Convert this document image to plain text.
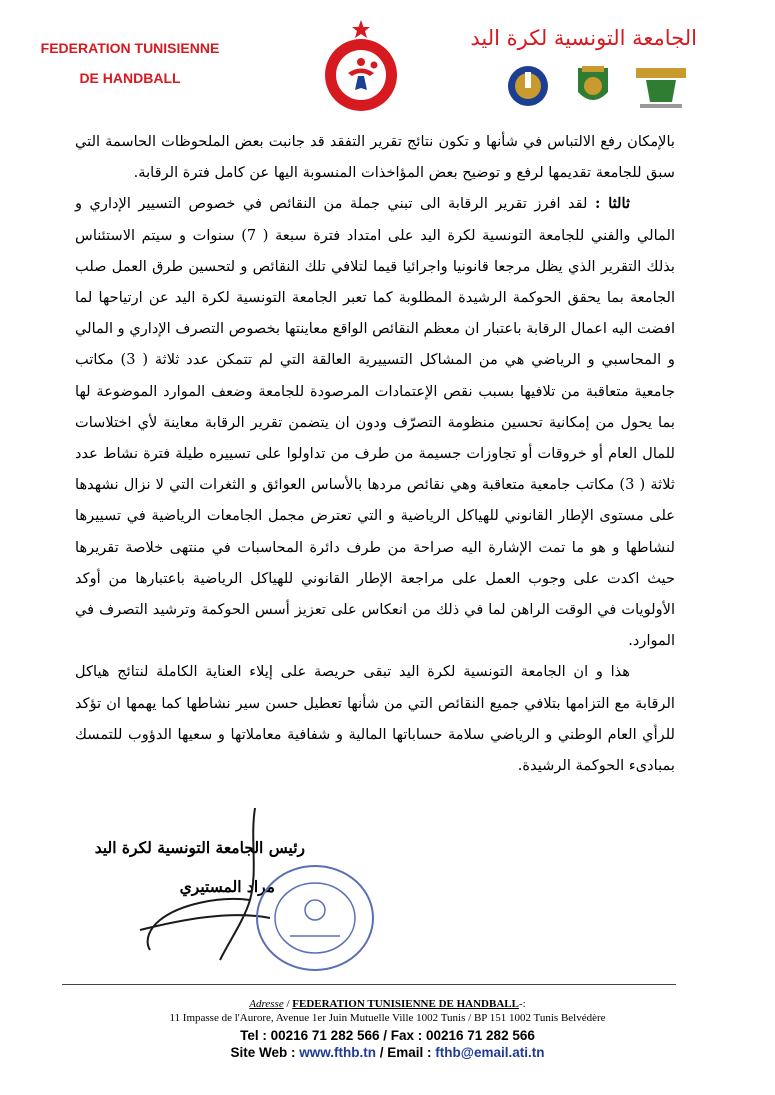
FEDERATION TUNISIENNE
DE HANDBALL
الجامعة التونسية لكرة اليد

بالإمكان رفع الالتباس في شأنها و تكون نتائج تقرير التفقد قد جانبت بعض الملحوظات الحاسمة التي سبق للجامعة تقديمها لرفع و توضيح بعض المؤاخذات المنسوبة اليها عن كامل فترة الرقابة.

ثالثا : لقد افرز تقرير الرقابة الى تبني جملة من النقائص في خصوص التسيير الإداري و المالي والفني للجامعة التونسية لكرة اليد على امتداد فترة سبعة ( 7) سنوات و سيتم الاستئناس بذلك التقرير الذي يظل مرجعا قانونيا واجرائيا قيما لتلافي تلك النقائص و لتحسين طرق العمل صلب الجامعة بما يحقق الحوكمة الرشيدة المطلوبة كما تعبر الجامعة التونسية لكرة اليد عن ارتياحها لما افضت اليه اعمال الرقابة باعتبار ان معظم النقائص الواقع معاينتها بخصوص التصرف الإداري و المالي و المحاسبي و الرياضي هي من المشاكل التسييرية العالقة التي لم تتمكن عدد ثلاثة ( 3) مكاتب جامعية متعاقبة من تلافيها بسبب نقص الإعتمادات المرصودة للجامعة وضعف الموارد الموضوعة لها بما يحول من إمكانية تحسين منظومة التصرّف ودون ان يتضمن تقرير الرقابة معاينة لأي اختلاسات للمال العام أو خروقات أو تجاوزات جسيمة من طرف من تداولوا على تسييره طيلة فترة نشاط عدد ثلاثة ( 3) مكاتب جامعية متعاقبة وهي نقائص مردها بالأساس العوائق و الثغرات التي لا نزال نشهدها على مستوى الإطار القانوني للهياكل الرياضية و التي تعترض مجمل الجامعات الرياضية في تسييرها لنشاطها و هو ما تمت الإشارة اليه صراحة من طرف دائرة المحاسبات في منتهى خلاصة تقريرها حيث اكدت على وجوب العمل على مراجعة الإطار القانوني للهياكل الرياضية باعتبارها من أوكد الأولويات في الوقت الراهن لما في ذلك من انعكاس على تعزيز أسس الحوكمة وترشيد التصرف في الموارد.

هذا و ان الجامعة التونسية لكرة اليد تبقى حريصة على إيلاء العناية الكاملة لنتائج هياكل الرقابة مع التزامها بتلافي جميع النقائص التي من شأنها تعطيل حسن سير نشاطها كما يهمها ان تؤكد للرأي العام الوطني و الرياضي سلامة حساباتها المالية و شفافية معاملاتها و سعيها الدؤوب للتمسك بمبادىء الحوكمة الرشيدة.

رئيس الجامعة التونسية لكرة اليد
مراد المستيري
Adresse / FEDERATION TUNISIENNE DE HANDBALL-:
11 Impasse de l'Aurore, Avenue 1er Juin Mutuelle Ville 1002 Tunis / BP 151 1002 Tunis Belvédère
Tel : 00216 71 282 566 / Fax : 00216 71 282 566
Site Web : www.fthb.tn / Email : fthb@email.ati.tn
